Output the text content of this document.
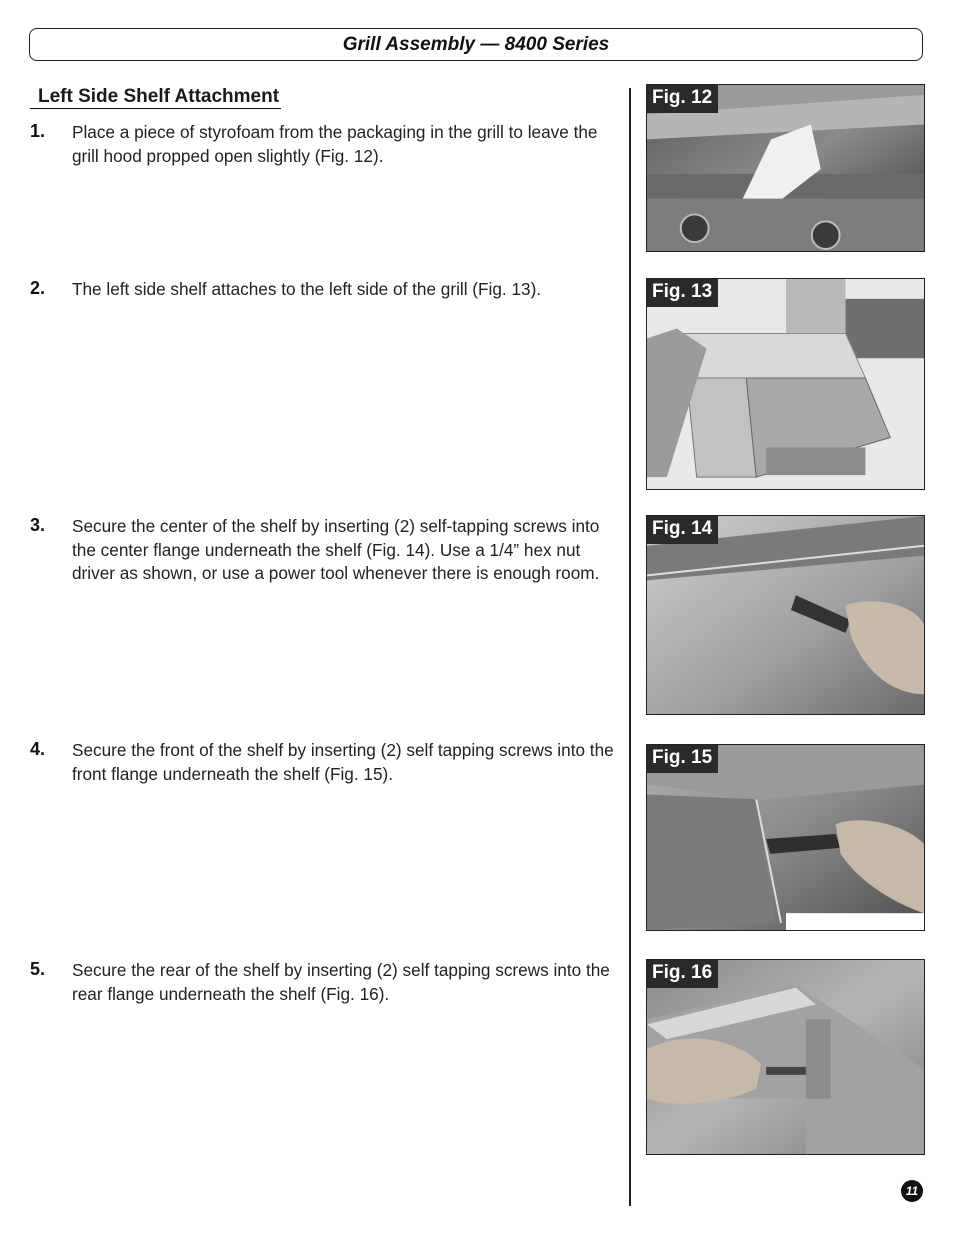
Grill Assembly — 8400 Series
Left Side Shelf Attachment
1. Place a piece of styrofoam from the packaging in the grill to leave the grill hood propped open slightly (Fig. 12).
2. The left side shelf attaches to the left side of the grill (Fig. 13).
3. Secure the center of the shelf by inserting (2) self-tapping screws into the center flange underneath the shelf (Fig. 14). Use a 1/4” hex nut driver as shown, or use a power tool whenever there is enough room.
4. Secure the front of the shelf by inserting (2) self tapping screws into the front flange underneath the shelf (Fig. 15).
5. Secure the rear of the shelf by inserting (2) self tapping screws into the rear flange underneath the shelf (Fig. 16).
Fig. 12
Fig. 13
Fig. 14
Fig. 15
Fig. 16
11
